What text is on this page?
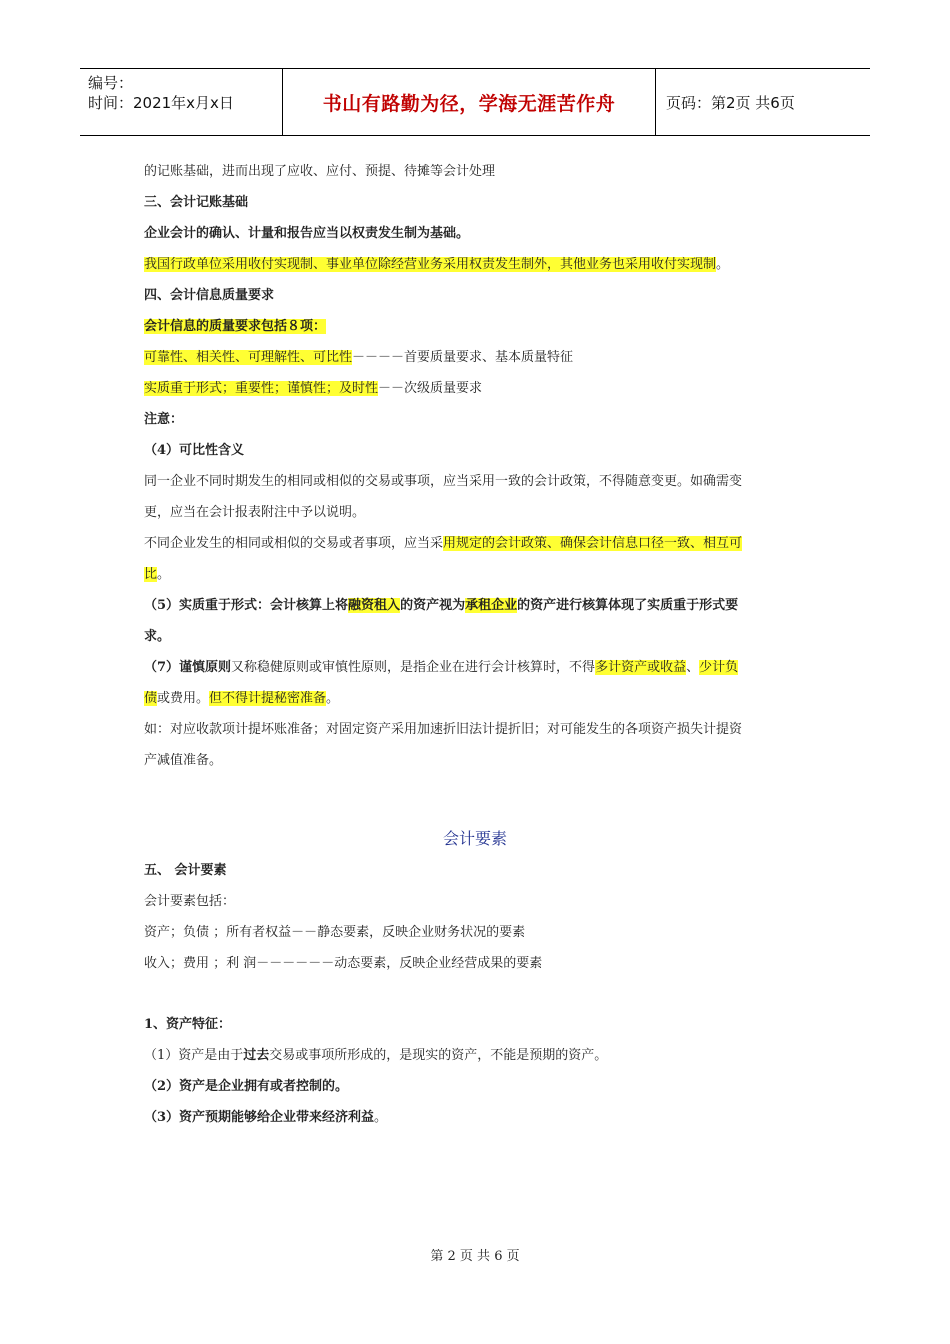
编号：
时间：2021年x月x日	书山有路勤为径，学海无涯苦作舟	页码：第2页 共6页

的记账基础，进而出现了应收、应付、预提、待摊等会计处理

三、会计记账基础

企业会计的确认、计量和报告应当以权责发生制为基础。

我国行政单位采用收付实现制、事业单位除经营业务采用权责发生制外，其他业务也采用收付实现制。

四、会计信息质量要求

会计信息的质量要求包括８项：

可靠性、相关性、可理解性、可比性－－－－首要质量要求、基本质量特征

实质重于形式；重要性；谨慎性；及时性－－次级质量要求

注意：

（4）可比性含义

同一企业不同时期发生的相同或相似的交易或事项，应当采用一致的会计政策，不得随意变更。如确需变

更，应当在会计报表附注中予以说明。

不同企业发生的相同或相似的交易或者事项，应当采用规定的会计政策、确保会计信息口径一致、相互可

比。

（5）实质重于形式：会计核算上将融资租入的资产视为承租企业的资产进行核算体现了实质重于形式要

求。

（7）谨慎原则又称稳健原则或审慎性原则，是指企业在进行会计核算时，不得多计资产或收益、少计负

债或费用。但不得计提秘密准备。

如：对应收款项计提坏账准备；对固定资产采用加速折旧法计提折旧；对可能发生的各项资产损失计提资

产减值准备。

会计要素

五、 会计要素

会计要素包括：

资产；负债 ；所有者权益－－静态要素，反映企业财务状况的要素

收入；费用 ；利 润－－－－－－动态要素，反映企业经营成果的要素

1、资产特征：

（1）资产是由于过去交易或事项所形成的，是现实的资产，不能是预期的资产。

（2）资产是企业拥有或者控制的。

（3）资产预期能够给企业带来经济利益。

第 2 页 共 6 页
